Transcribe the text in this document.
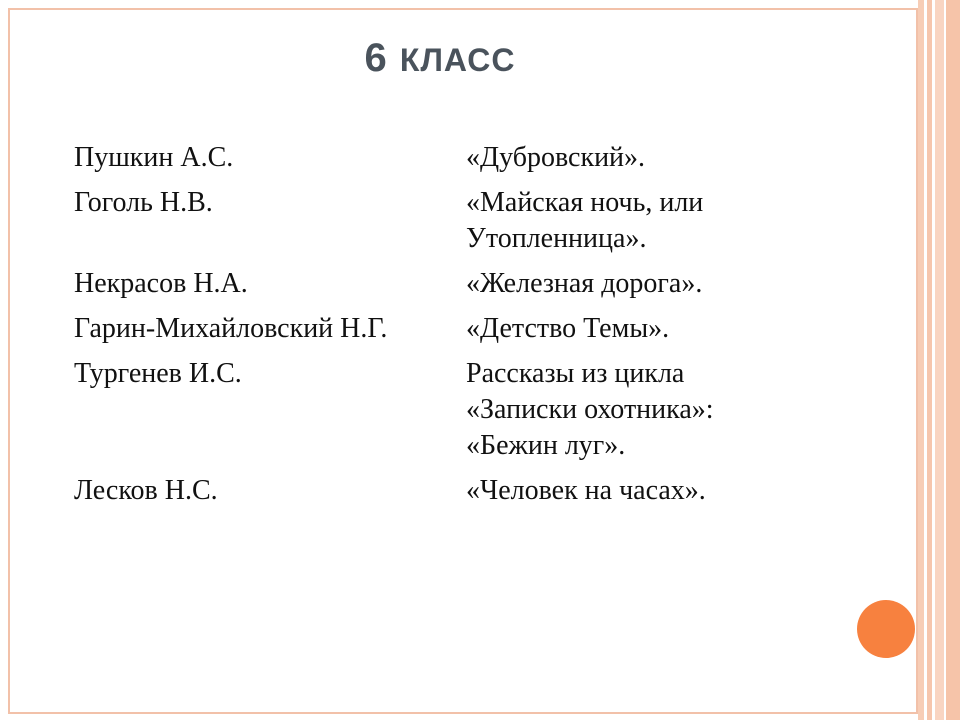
6 КЛАСС
Пушкин А.С.	«Дубровский».
Гоголь Н.В.	«Майская ночь, или
Утопленница».
Некрасов Н.А.	«Железная дорога».
Гарин-Михайловский Н.Г.	«Детство Темы».
Тургенев И.С.	Рассказы из цикла
«Записки охотника»:
«Бежин луг».
Лесков Н.С.	«Человек на часах».
